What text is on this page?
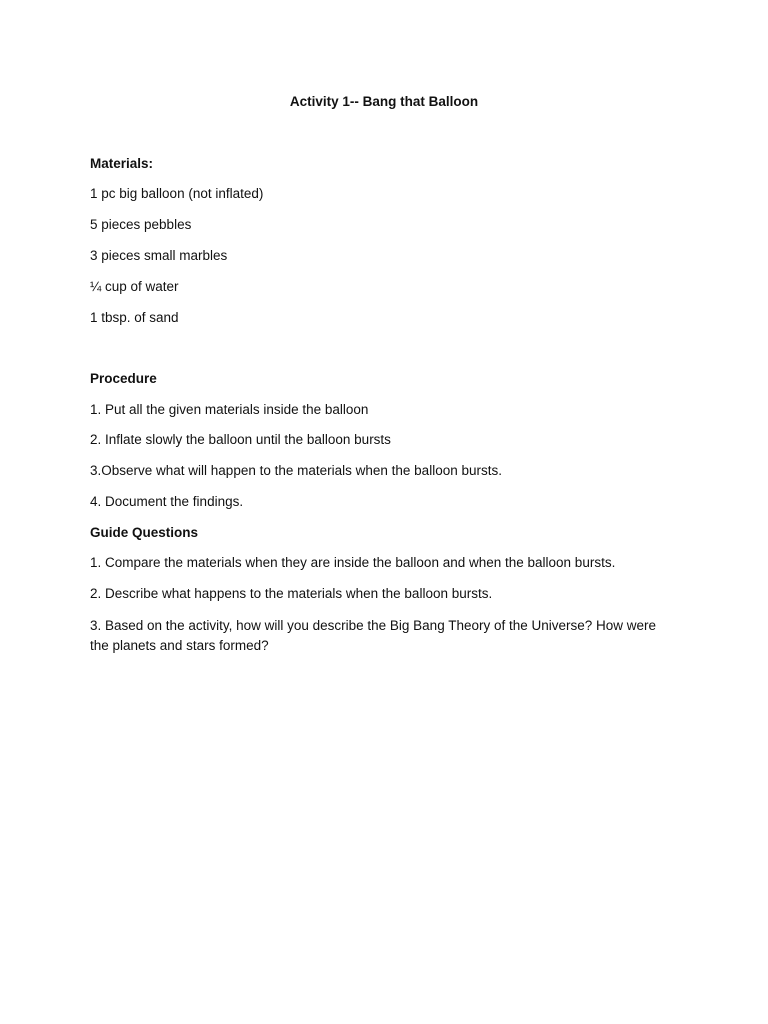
Activity 1-- Bang that Balloon

Materials:

1 pc big balloon (not inflated)

5 pieces pebbles

3 pieces small marbles

¼ cup of water

1 tbsp. of sand

Procedure

1. Put all the given materials inside the balloon

2. Inflate slowly the balloon until the balloon bursts

3.Observe what will happen to the materials when the balloon bursts.

4. Document the findings.

Guide Questions

1. Compare the materials when they are inside the balloon and when the balloon bursts.

2. Describe what happens to the materials when the balloon bursts.

3. Based on the activity, how will you describe the Big Bang Theory of the Universe? How were the planets and stars formed?
